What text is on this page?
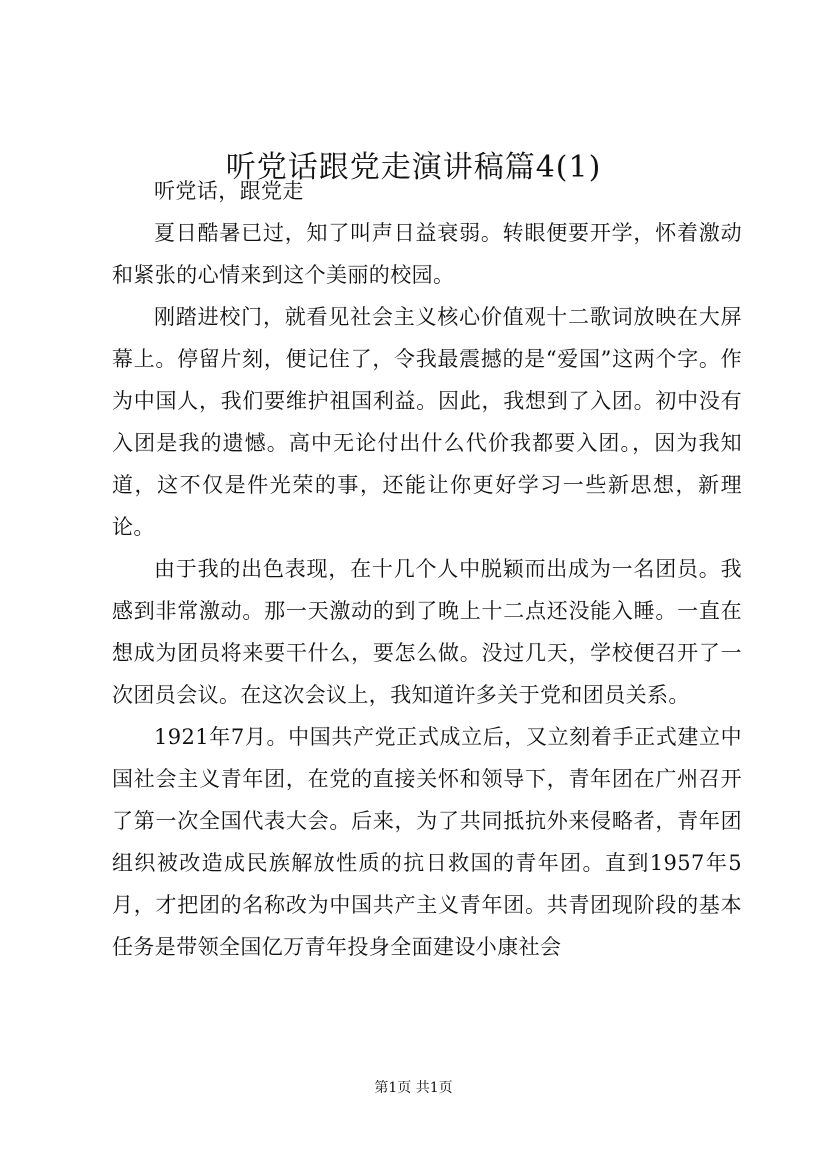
听党话跟党走演讲稿篇4(1)

听党话，跟党走

夏日酷暑已过，知了叫声日益衰弱。转眼便要开学，怀着激动和紧张的心情来到这个美丽的校园。

刚踏进校门，就看见社会主义核心价值观十二歌词放映在大屏幕上。停留片刻，便记住了，令我最震撼的是“爱国”这两个字。作为中国人，我们要维护祖国利益。因此，我想到了入团。初中没有入团是我的遗憾。高中无论付出什么代价我都要入团。，因为我知道，这不仅是件光荣的事，还能让你更好学习一些新思想，新理论。

由于我的出色表现，在十几个人中脱颖而出成为一名团员。我感到非常激动。那一天激动的到了晚上十二点还没能入睡。一直在想成为团员将来要干什么，要怎么做。没过几天，学校便召开了一次团员会议。在这次会议上，我知道许多关于党和团员关系。

1921年7月。中国共产党正式成立后，又立刻着手正式建立中国社会主义青年团，在党的直接关怀和领导下，青年团在广州召开了第一次全国代表大会。后来，为了共同抵抗外来侵略者，青年团组织被改造成民族解放性质的抗日救国的青年团。直到1957年5月，才把团的名称改为中国共产主义青年团。共青团现阶段的基本任务是带领全国亿万青年投身全面建设小康社会

第1页 共1页
